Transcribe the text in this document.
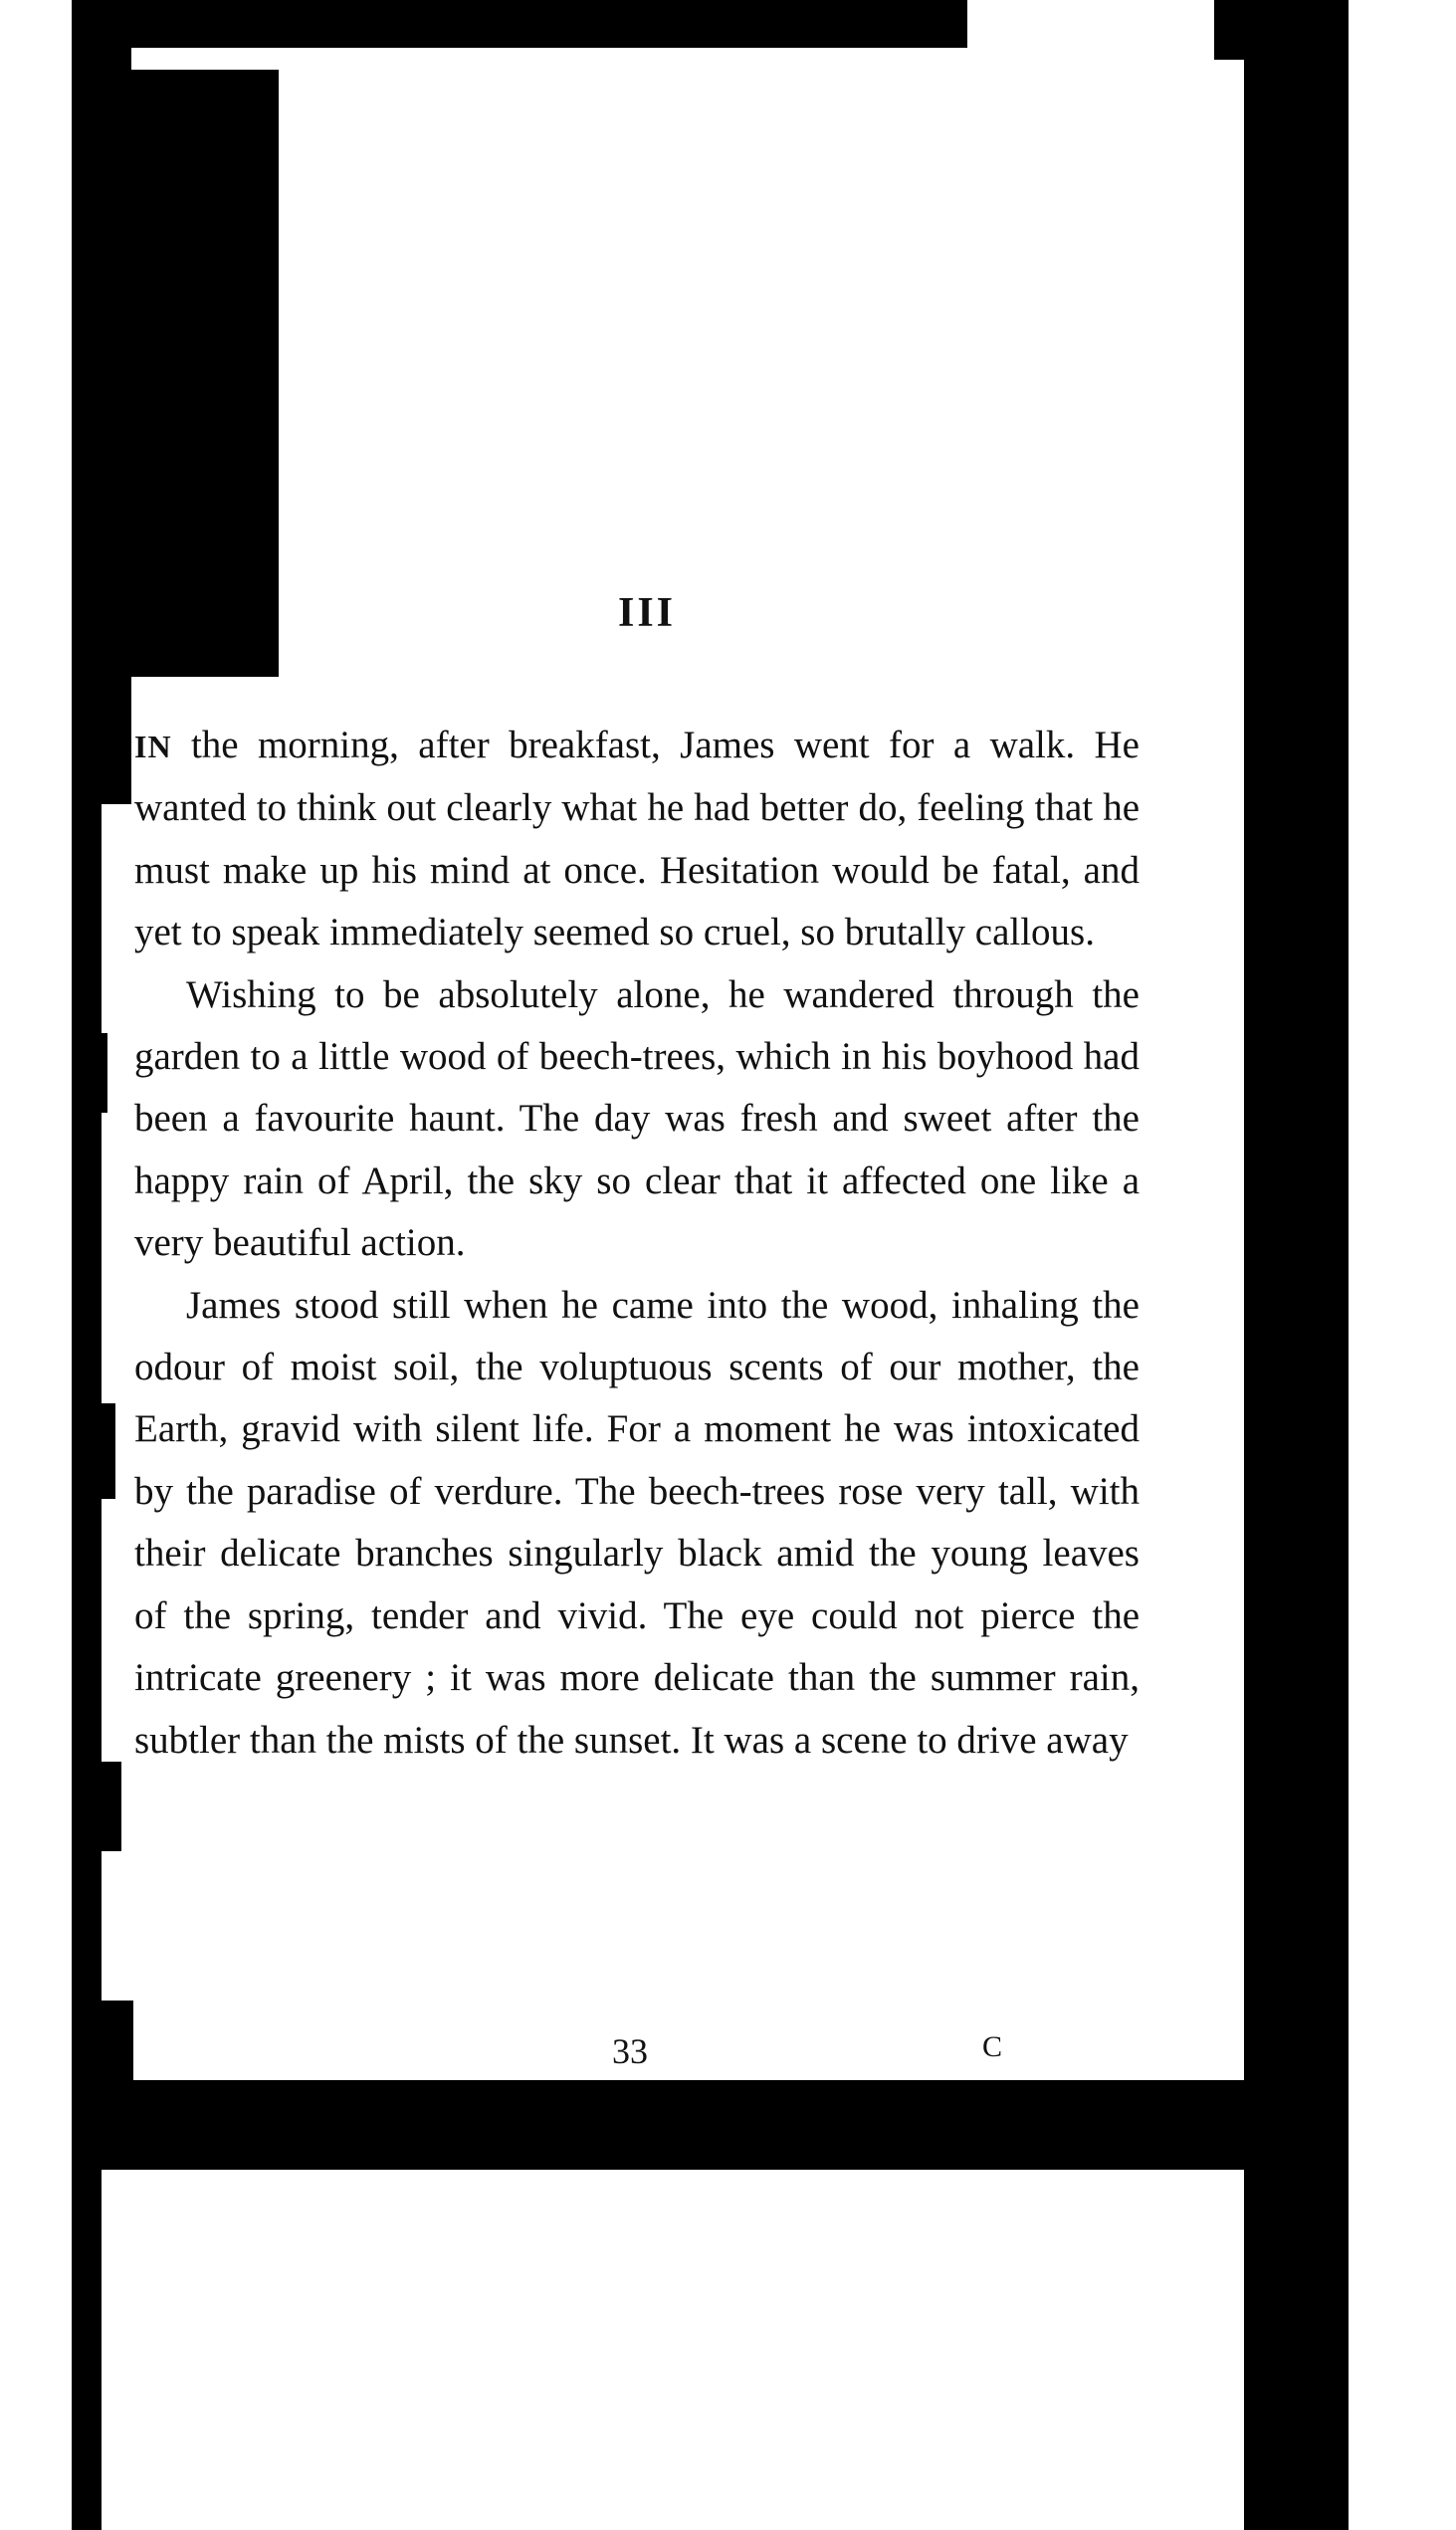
III

IN the morning, after breakfast, James went for a walk. He wanted to think out clearly what he had better do, feeling that he must make up his mind at once. Hesitation would be fatal, and yet to speak immediately seemed so cruel, so brutally callous.

Wishing to be absolutely alone, he wandered through the garden to a little wood of beech-trees, which in his boyhood had been a favourite haunt. The day was fresh and sweet after the happy rain of April, the sky so clear that it affected one like a very beautiful action.

James stood still when he came into the wood, inhaling the odour of moist soil, the voluptuous scents of our mother, the Earth, gravid with silent life. For a moment he was intoxicated by the paradise of verdure. The beech-trees rose very tall, with their delicate branches singularly black amid the young leaves of the spring, tender and vivid. The eye could not pierce the intricate greenery ; it was more delicate than the summer rain, subtler than the mists of the sunset. It was a scene to drive away

33	C
